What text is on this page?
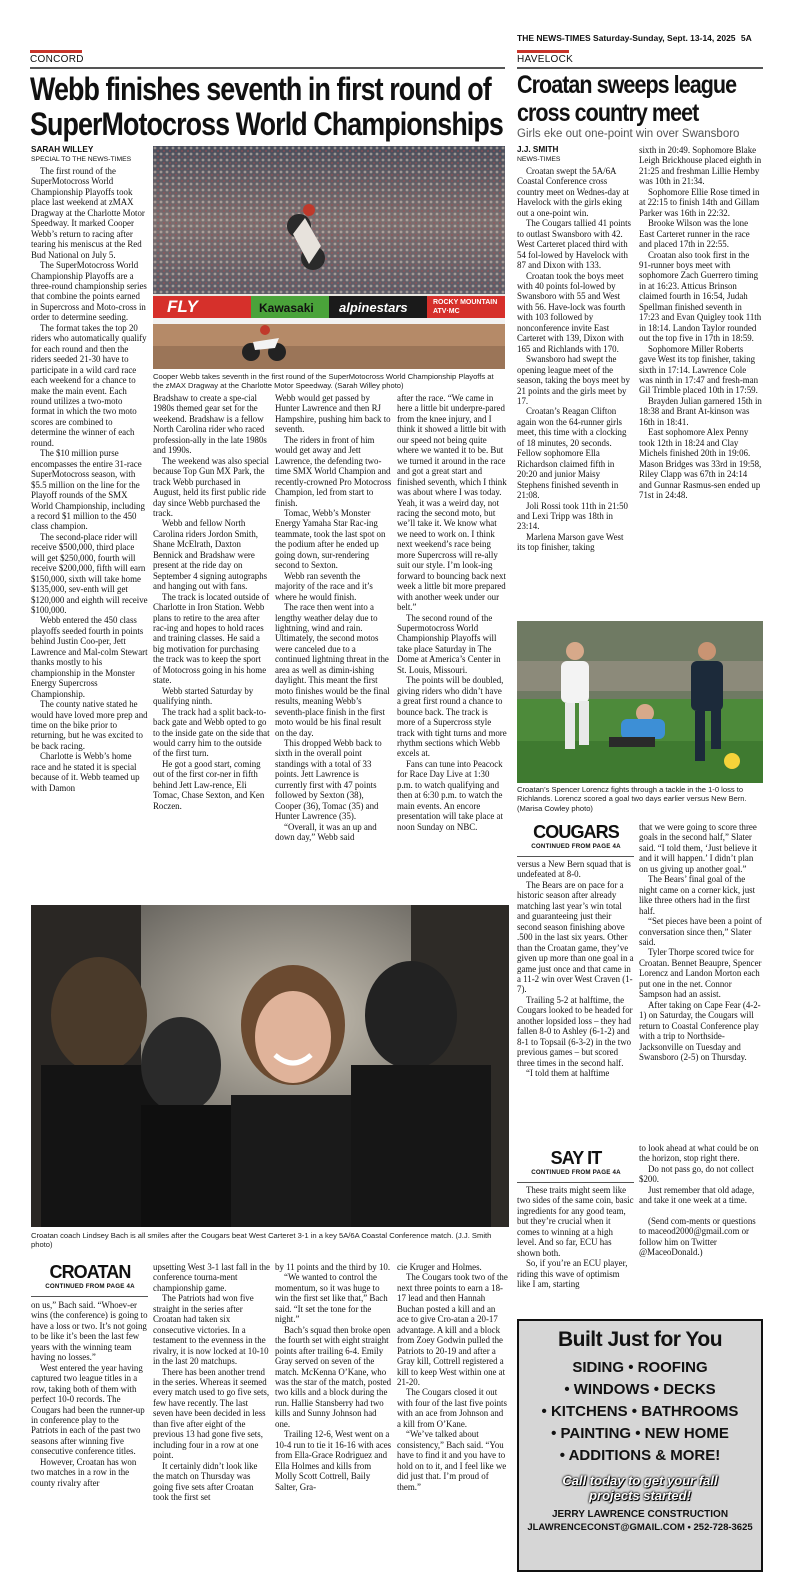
THE NEWS-TIMES Saturday-Sunday, Sept. 13-14, 2025 5A
CONCORD	HAVELOCK
Webb finishes seventh in first round of
SuperMotocross World Championships
SARAH WILLEY
SPECIAL TO THE NEWS-TIMES
FLY	Kawasaki alpinestars	ROCKY MOUNTAIN ATV·MC
Cooper Webb takes seventh in the first round of the SuperMotocross World Championship Playoffs at the zMAX Dragway at the Charlotte Motor Speedway. (Sarah Willey photo)

The first round of the SuperMotocross World Championship Playoffs took place last weekend at zMAX Dragway at the Charlotte Motor Speedway. It marked Cooper Webb’s return to racing after tearing his meniscus at the Red Bud National on July 5.

The SuperMotocross World Championship Playoffs are a three-round championship series that combine the points earned in Supercross and Moto-cross in order to determine seeding.

The format takes the top 20 riders who automatically qualify for each round and then the riders seeded 21-30 have to participate in a wild card race each weekend for a chance to make the main event. Each round utilizes a two-moto format in which the two moto scores are combined to determine the winner of each round.

The $10 million purse encompasses the entire 31-race SuperMotocross season, with $5.5 million on the line for the Playoff rounds of the SMX World Championship, including a record $1 million to the 450 class champion.

The second-place rider will receive $500,000, third place will get $250,000, fourth will receive $200,000, fifth will earn $150,000, sixth will take home $135,000, sev-enth will get $120,000 and eighth will receive $100,000.

Webb entered the 450 class playoffs seeded fourth in points behind Justin Coo-per, Jett Lawrence and Mal-colm Stewart thanks mostly to his championship in the Monster Energy Supercross Championship.

The county native stated he would have loved more prep and time on the bike prior to returning, but he was excited to be back racing.

Charlotte is Webb’s home race and he stated it is special because of it. Webb teamed up with Damon

Bradshaw to create a spe-cial 1980s themed gear set for the weekend. Bradshaw is a fellow North Carolina rider who raced profession-ally in the late 1980s and 1990s.

The weekend was also special because Top Gun MX Park, the track Webb purchased in August, held its first public ride day since Webb purchased the track.

Webb and fellow North Carolina riders Jordon Smith, Shane McElrath, Daxton Bennick and Bradshaw were present at the ride day on September 4 signing autographs and hanging out with fans.

The track is located outside of Charlotte in Iron Station. Webb plans to retire to the area after rac-ing and hopes to hold races and training classes. He said a big motivation for purchasing the track was to keep the sport of Motocross going in his home state.

Webb started Saturday by qualifying ninth.

The track had a split back-to-back gate and Webb opted to go to the inside gate on the side that would carry him to the outside of the first turn.

He got a good start, coming out of the first cor-ner in fifth behind Jett Law-rence, Eli Tomac, Chase Sexton, and Ken Roczen.

Webb would get passed by Hunter Lawrence and then RJ Hampshire, pushing him back to seventh.

The riders in front of him would get away and Jett Lawrence, the defending two-time SMX World Champion and recently-crowned Pro Motocross Champion, led from start to finish.

Tomac, Webb’s Monster Energy Yamaha Star Rac-ing teammate, took the last spot on the podium after he ended up going down, sur-rendering second to Sexton.

Webb ran seventh the majority of the race and it’s where he would finish.

The race then went into a lengthy weather delay due to lightning, wind and rain. Ultimately, the second motos were canceled due to a continued lightning threat in the area as well as dimin-ishing daylight. This meant the first moto finishes would be the final results, meaning Webb’s seventh-place finish in the first moto would be his final result on the day.

This dropped Webb back to sixth in the overall point standings with a total of 33 points. Jett Lawrence is currently first with 47 points followed by Sexton (38), Cooper (36), Tomac (35) and Hunter Lawrence (35).

“Overall, it was an up and down day,” Webb said

after the race. “We came in here a little bit underpre-pared from the knee injury, and I think it showed a little bit with our speed not being quite where we wanted it to be. But we turned it around in the race and got a great start and finished seventh, which I think was about where I was today. Yeah, it was a weird day, not racing the second moto, but we’ll take it. We know what we need to work on. I think next weekend’s race being more Supercross will re-ally suit our style. I’m look-ing forward to bouncing back next week a little bit more prepared with another week under our belt.”

The second round of the Supermotocross World Championship Playoffs will take place Saturday in The Dome at America’s Center in St. Louis, Missouri.

The points will be doubled, giving riders who didn’t have a great first round a chance to bounce back. The track is more of a Supercross style track with tight turns and more rhythm sections which Webb excels at.

Fans can tune into Peacock for Race Day Live at 1:30 p.m. to watch qualifying and then at 6:30 p.m. to watch the main events. An encore presentation will take place at noon Sunday on NBC.

Croatan sweeps league
cross country meet
Girls eke out one-point win over Swansboro
J.J. SMITH
NEWS-TIMES

Croatan swept the 5A/6A Coastal Conference cross country meet on Wednes-day at Havelock with the girls eking out a one-point win.

The Cougars tallied 41 points to outlast Swansboro with 42. West Carteret placed third with 54 fol-lowed by Havelock with 87 and Dixon with 133.

Croatan took the boys meet with 40 points fol-lowed by Swansboro with 55 and West with 56. Have-lock was fourth with 103 followed by nonconference invite East Carteret with 139, Dixon with 165 and Richlands with 170.

Swansboro had swept the opening league meet of the season, taking the boys meet by 21 points and the girls meet by 17.

Croatan’s Reagan Clifton again won the 64-runner girls meet, this time with a clocking of 18 minutes, 20 seconds. Fellow sophomore Ella Richardson claimed fifth in 20:20 and junior Maisy Stephens finished seventh in 21:08.

Joli Rossi took 11th in 21:50 and Lexi Tripp was 18th in 23:14.

Marlena Marson gave West its top finisher, taking

sixth in 20:49. Sophomore Blake Leigh Brickhouse placed eighth in 21:25 and freshman Lillie Hemby was 10th in 21:34.

Sophomore Ellie Rose timed in at 22:15 to finish 14th and Gillam Parker was 16th in 22:32.

Brooke Wilson was the lone East Carteret runner in the race and placed 17th in 22:55.

Croatan also took first in the 91-runner boys meet with sophomore Zach Guerrero timing in at 16:23. Atticus Brinson claimed fourth in 16:54, Judah Spellman finished seventh in 17:23 and Evan Quigley took 11th in 18:14. Landon Taylor rounded out the top five in 17th in 18:59.

Sophomore Miller Roberts gave West its top finisher, taking sixth in 17:14. Lawrence Cole was ninth in 17:47 and fresh-man Gil Trimble placed 10th in 17:59.

Brayden Julian garnered 15th in 18:38 and Brant At-kinson was 16th in 18:41.

East sophomore Alex Penny took 12th in 18:24 and Clay Michels finished 20th in 19:06. Mason Bridges was 33rd in 19:58, Riley Clapp was 67th in 24:14 and Gunnar Rasmus-sen ended up 71st in 24:48.

Croatan’s Spencer Lorencz fights through a tackle in the 1-0 loss to Richlands. Lorencz scored a goal two days earlier versus New Bern. (Marisa Cowley photo)
COUGARS
CONTINUED FROM PAGE 4A

versus a New Bern squad that is undefeated at 8-0.

The Bears are on pace for a historic season after already matching last year’s win total and guaranteeing just their second season finishing above .500 in the last six years. Other than the Croatan game, they’ve given up more than one goal in a game just once and that came in a 11-2 win over West Craven (1-7).

Trailing 5-2 at halftime, the Cougars looked to be headed for another lopsided loss – they had fallen 8-0 to Ashley (6-1-2) and 8-1 to Topsail (6-3-2) in the two previous games – but scored three times in the second half.

“I told them at halftime

that we were going to score three goals in the second half,” Slater said. “I told them, ‘Just believe it and it will happen.’ I didn’t plan on us giving up another goal.”

The Bears’ final goal of the night came on a corner kick, just like three others had in the first half.

“Set pieces have been a point of conversation since then,” Slater said.

Tyler Thorpe scored twice for Croatan. Bennet Beaupre, Spencer Lorencz and Landon Morton each put one in the net. Connor Sampson had an assist.

After taking on Cape Fear (4-2-1) on Saturday, the Cougars will return to Coastal Conference play with a trip to Northside-Jacksonville on Tuesday and Swansboro (2-5) on Thursday.

Croatan coach Lindsey Bach is all smiles after the Cougars beat West Carteret 3-1 in a key 5A/6A Coastal Conference match. (J.J. Smith photo)
SAY IT
CONTINUED FROM PAGE 4A

These traits might seem like two sides of the same coin, basic ingredients for any good team, but they’re crucial when it comes to winning at a high level. And so far, ECU has shown both.

So, if you’re an ECU player, riding this wave of optimism like I am, starting

to look ahead at what could be on the horizon, stop right there.

Do not pass go, do not collect $200.

Just remember that old adage, and take it one week at a time.

(Send com-ments or questions to maceod2000@gmail.com or follow him on Twitter @MaceoDonald.)

CROATAN
CONTINUED FROM PAGE 4A

on us,” Bach said. “Whoev-er wins (the conference) is going to have a loss or two. It’s not going to be like it’s been the last few years with the winning team having no losses.”

West entered the year having captured two league titles in a row, taking both of them with perfect 10-0 records. The Cougars had been the runner-up in conference play to the Patriots in each of the past two seasons after winning five consecutive conference titles.

However, Croatan has won two matches in a row in the county rivalry after

upsetting West 3-1 last fall in the conference tourna-ment championship game.

The Patriots had won five straight in the series after Croatan had taken six consecutive victories. In a testament to the evenness in the rivalry, it is now locked at 10-10 in the last 20 matchups.

There has been another trend in the series. Whereas it seemed every match used to go five sets, few have recently. The last seven have been decided in less than five after eight of the previous 13 had gone five sets, including four in a row at one point.

It certainly didn’t look like the match on Thursday was going five sets after Croatan took the first set

by 11 points and the third by 10.

“We wanted to control the momentum, so it was huge to win the first set like that,” Bach said. “It set the tone for the night.”

Bach’s squad then broke open the fourth set with eight straight points after trailing 6-4. Emily Gray served on seven of the match. McKenna O’Kane, who was the star of the match, posted two kills and a block during the run. Hallie Stansberry had two kills and Sunny Johnson had one.

Trailing 12-6, West went on a 10-4 run to tie it 16-16 with aces from Ella-Grace Rodriguez and Ella Holmes and kills from Molly Scott Cottrell, Baily Salter, Gra-

cie Kruger and Holmes.

The Cougars took two of the next three points to earn a 18-17 lead and then Hannah Buchan posted a kill and an ace to give Cro-atan a 20-17 advantage. A kill and a block from Zoey Godwin pulled the Patriots to 20-19 and after a Gray kill, Cottrell registered a kill to keep West within one at 21-20.

The Cougars closed it out with four of the last five points with an ace from Johnson and a kill from O’Kane.

“We’ve talked about consistency,” Bach said. “You have to find it and you have to hold on to it, and I feel like we did just that. I’m proud of them.”

Built Just for You
SIDING • ROOFING
• WINDOWS • DECKS
• KITCHENS • BATHROOMS
• PAINTING • NEW HOME
• ADDITIONS & MORE!
Call today to get your fall
projects started!
JERRY LAWRENCE CONSTRUCTION
JLAWRENCECONST@GMAIL.COM • 252-728-3625
